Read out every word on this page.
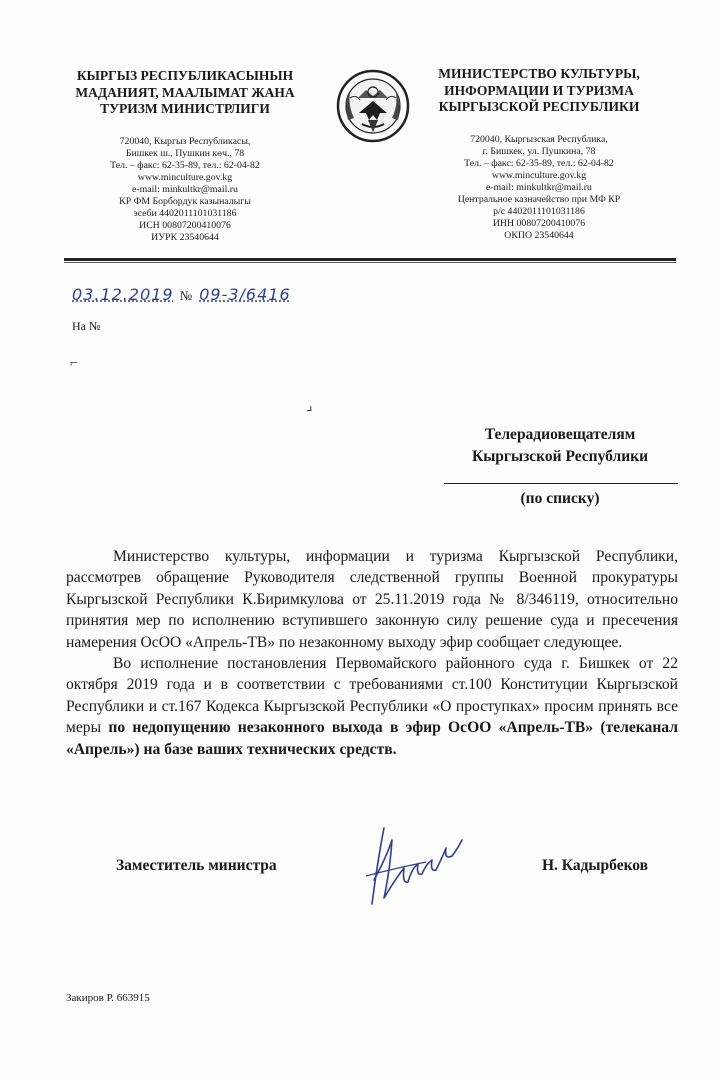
КЫРГЫЗ РЕСПУБЛИКАСЫНЫН
МАДАНИЯТ, МААЛЫМАТ ЖАНА
ТУРИЗМ МИНИСТРЛИГИ
720040, Кыргыз Республикасы,
Бишкек ш., Пушкин көч., 78
Тел. – факс: 62-35-89, тел.: 62-04-82
www.minculture.gov.kg
e-mail: minkultkr@mail.ru
КР ФМ Борбордук казыналыгы
эсеби 4402011101031186
ИСН 00807200410076
ИУРК 23540644
МИНИСТЕРСТВО КУЛЬТУРЫ,
ИНФОРМАЦИИ И ТУРИЗМА
КЫРГЫЗСКОЙ РЕСПУБЛИКИ
720040, Кыргызская Республика,
г. Бишкек, ул. Пушкина, 78
Тел. – факс: 62-35-89, тел.: 62-04-82
www.minculture.gov.kg
e-mail: minkultkr@mail.ru
Центральное казначейство при МФ КР
р/с 4402011101031186
ИНН 00807200410076
ОКПО 23540644
03.12.2019 № 09-3/6416
На №
⌐
⌟
Телерадиовещателям
Кыргызской Республики
(по списку)

Министерство культуры, информации и туризма Кыргызской Республики, рассмотрев обращение Руководителя следственной группы Военной прокуратуры Кыргызской Республики К.Биримкулова от 25.11.2019 года № 8/346119, относительно принятия мер по исполнению вступившего законную силу решение суда и пресечения намерения ОсОО «Апрель-ТВ» по незаконному выходу эфир сообщает следующее.

Во исполнение постановления Первомайского районного суда г. Бишкек от 22 октября 2019 года и в соответствии с требованиями ст.100 Конституции Кыргызской Республики и ст.167 Кодекса Кыргызской Республики «О проступках» просим принять все меры по недопущению незаконного выхода в эфир ОсОО «Апрель-ТВ» (телеканал «Апрель») на базе ваших технических средств.

Заместитель министра	Н. Кадырбеков
Закиров Р. 663915
